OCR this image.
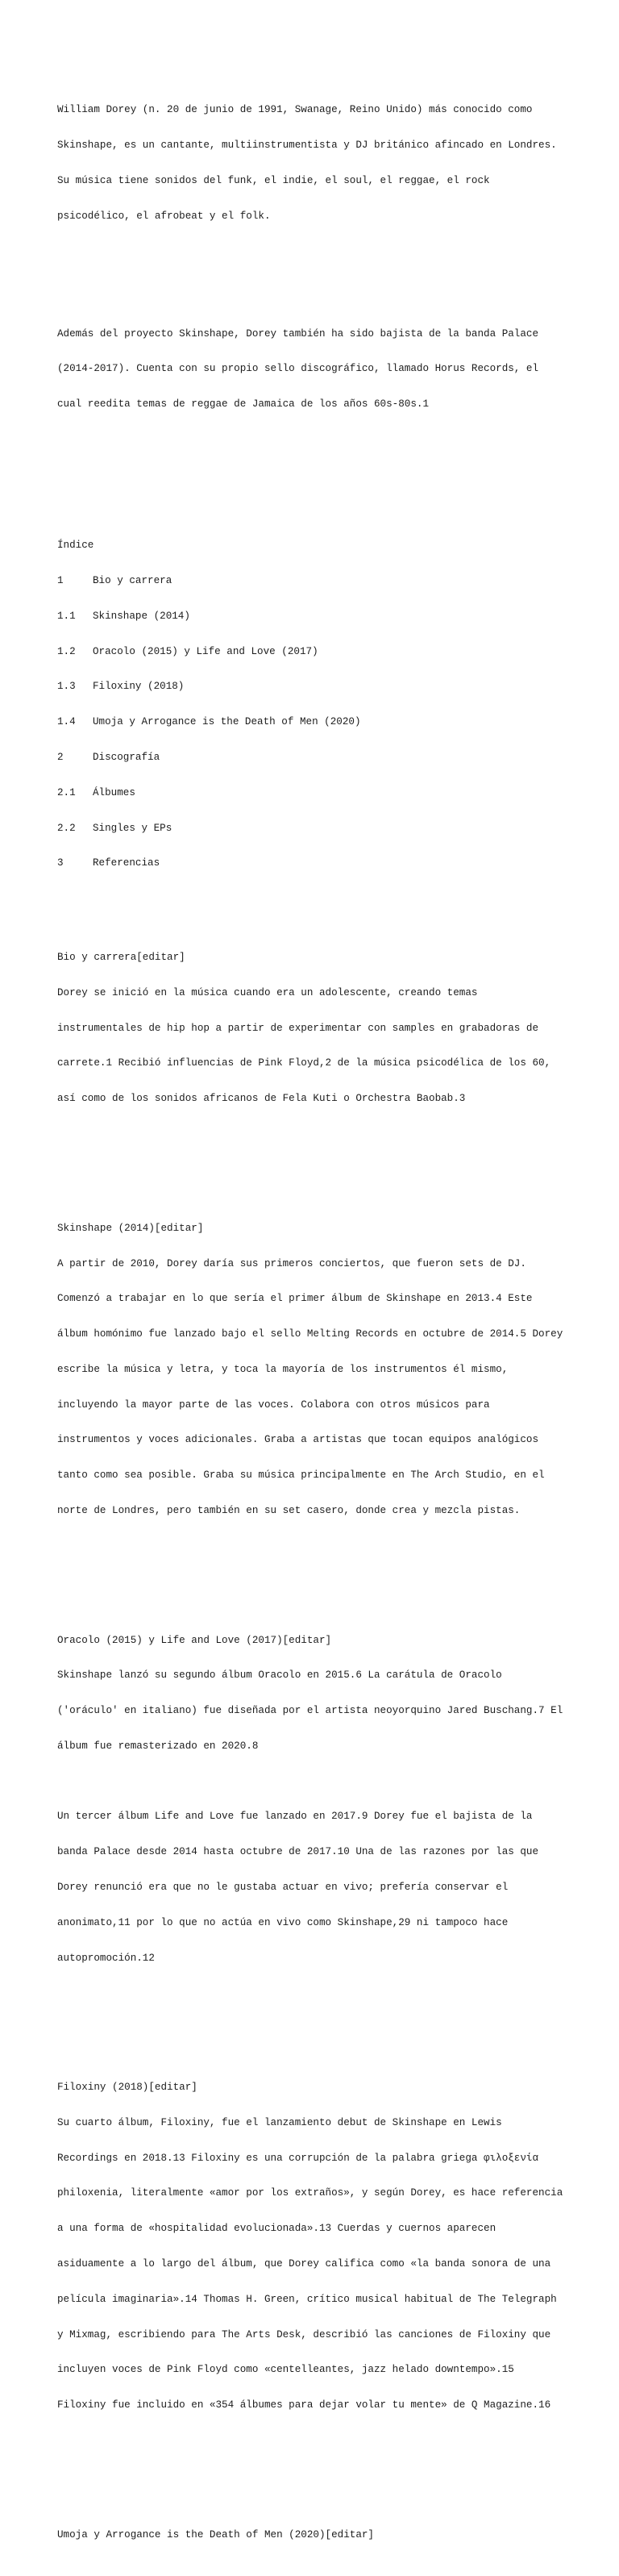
William Dorey (n. 20 de junio de 1991, Swanage, Reino Unido) más conocido como

Skinshape, es un cantante, multiinstrumentista y DJ británico afincado en Londres.

Su música tiene sonidos del funk, el indie, el soul, el reggae, el rock

psicodélico, el afrobeat y el folk.

Además del proyecto Skinshape, Dorey también ha sido bajista de la banda Palace

(2014-2017). Cuenta con su propio sello discográfico, llamado Horus Records, el

cual reedita temas de reggae de Jamaica de los años 60s-80s.1

Índice

1	Bio y carrera

1.1	Skinshape (2014)

1.2	Oracolo (2015) y Life and Love (2017)

1.3	Filoxiny (2018)

1.4	Umoja y Arrogance is the Death of Men (2020)

2	Discografía

2.1	Álbumes

2.2	Singles y EPs

3	Referencias

Bio y carrera[editar]

Dorey se inició en la música cuando era un adolescente, creando temas

instrumentales de hip hop a partir de experimentar con samples en grabadoras de

carrete.1 Recibió influencias de Pink Floyd,2 de la música psicodélica de los 60,

así como de los sonidos africanos de Fela Kuti o Orchestra Baobab.3

Skinshape (2014)[editar]

A partir de 2010, Dorey daría sus primeros conciertos, que fueron sets de DJ.

Comenzó a trabajar en lo que sería el primer álbum de Skinshape en 2013.4 Este

álbum homónimo fue lanzado bajo el sello Melting Records en octubre de 2014.5 Dorey

escribe la música y letra, y toca la mayoría de los instrumentos él mismo,

incluyendo la mayor parte de las voces. Colabora con otros músicos para

instrumentos y voces adicionales. Graba a artistas que tocan equipos analógicos

tanto como sea posible. Graba su música principalmente en The Arch Studio, en el

norte de Londres, pero también en su set casero, donde crea y mezcla pistas.

Oracolo (2015) y Life and Love (2017)[editar]

Skinshape lanzó su segundo álbum Oracolo en 2015.6 La carátula de Oracolo

('oráculo' en italiano) fue diseñada por el artista neoyorquino Jared Buschang.7 El

álbum fue remasterizado en 2020.8

Un tercer álbum Life and Love fue lanzado en 2017.9 Dorey fue el bajista de la

banda Palace desde 2014 hasta octubre de 2017.10 Una de las razones por las que

Dorey renunció era que no le gustaba actuar en vivo; prefería conservar el

anonimato,11 por lo que no actúa en vivo como Skinshape,29 ni tampoco hace

autopromoción.12

Filoxiny (2018)[editar]

Su cuarto álbum, Filoxiny, fue el lanzamiento debut de Skinshape en Lewis

Recordings en 2018.13 Filoxiny es una corrupción de la palabra griega φιλοξενία

philoxenia, literalmente «amor por los extraños», y según Dorey, es hace referencia

a una forma de «hospitalidad evolucionada».13 Cuerdas y cuernos aparecen

asiduamente a lo largo del álbum, que Dorey califica como «la banda sonora de una

película imaginaria».14 Thomas H. Green, crítico musical habitual de The Telegraph

y Mixmag, escribiendo para The Arts Desk, describió las canciones de Filoxiny que

incluyen voces de Pink Floyd como «centelleantes, jazz helado downtempo».15

Filoxiny fue incluido en «354 álbumes para dejar volar tu mente» de Q Magazine.16

Umoja y Arrogance is the Death of Men (2020)[editar]
